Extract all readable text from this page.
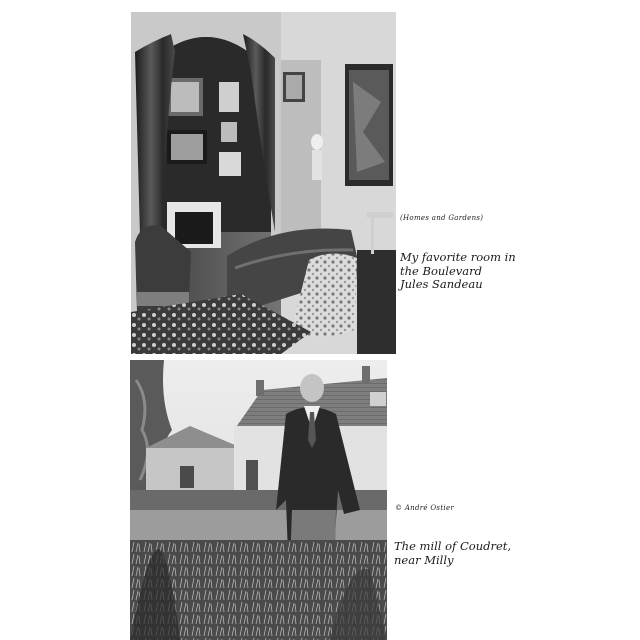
(Homes and Gardens)
My favorite room in
the Boulevard
Jules Sandeau
© André Ostier
The mill of Coudret,
near Milly
